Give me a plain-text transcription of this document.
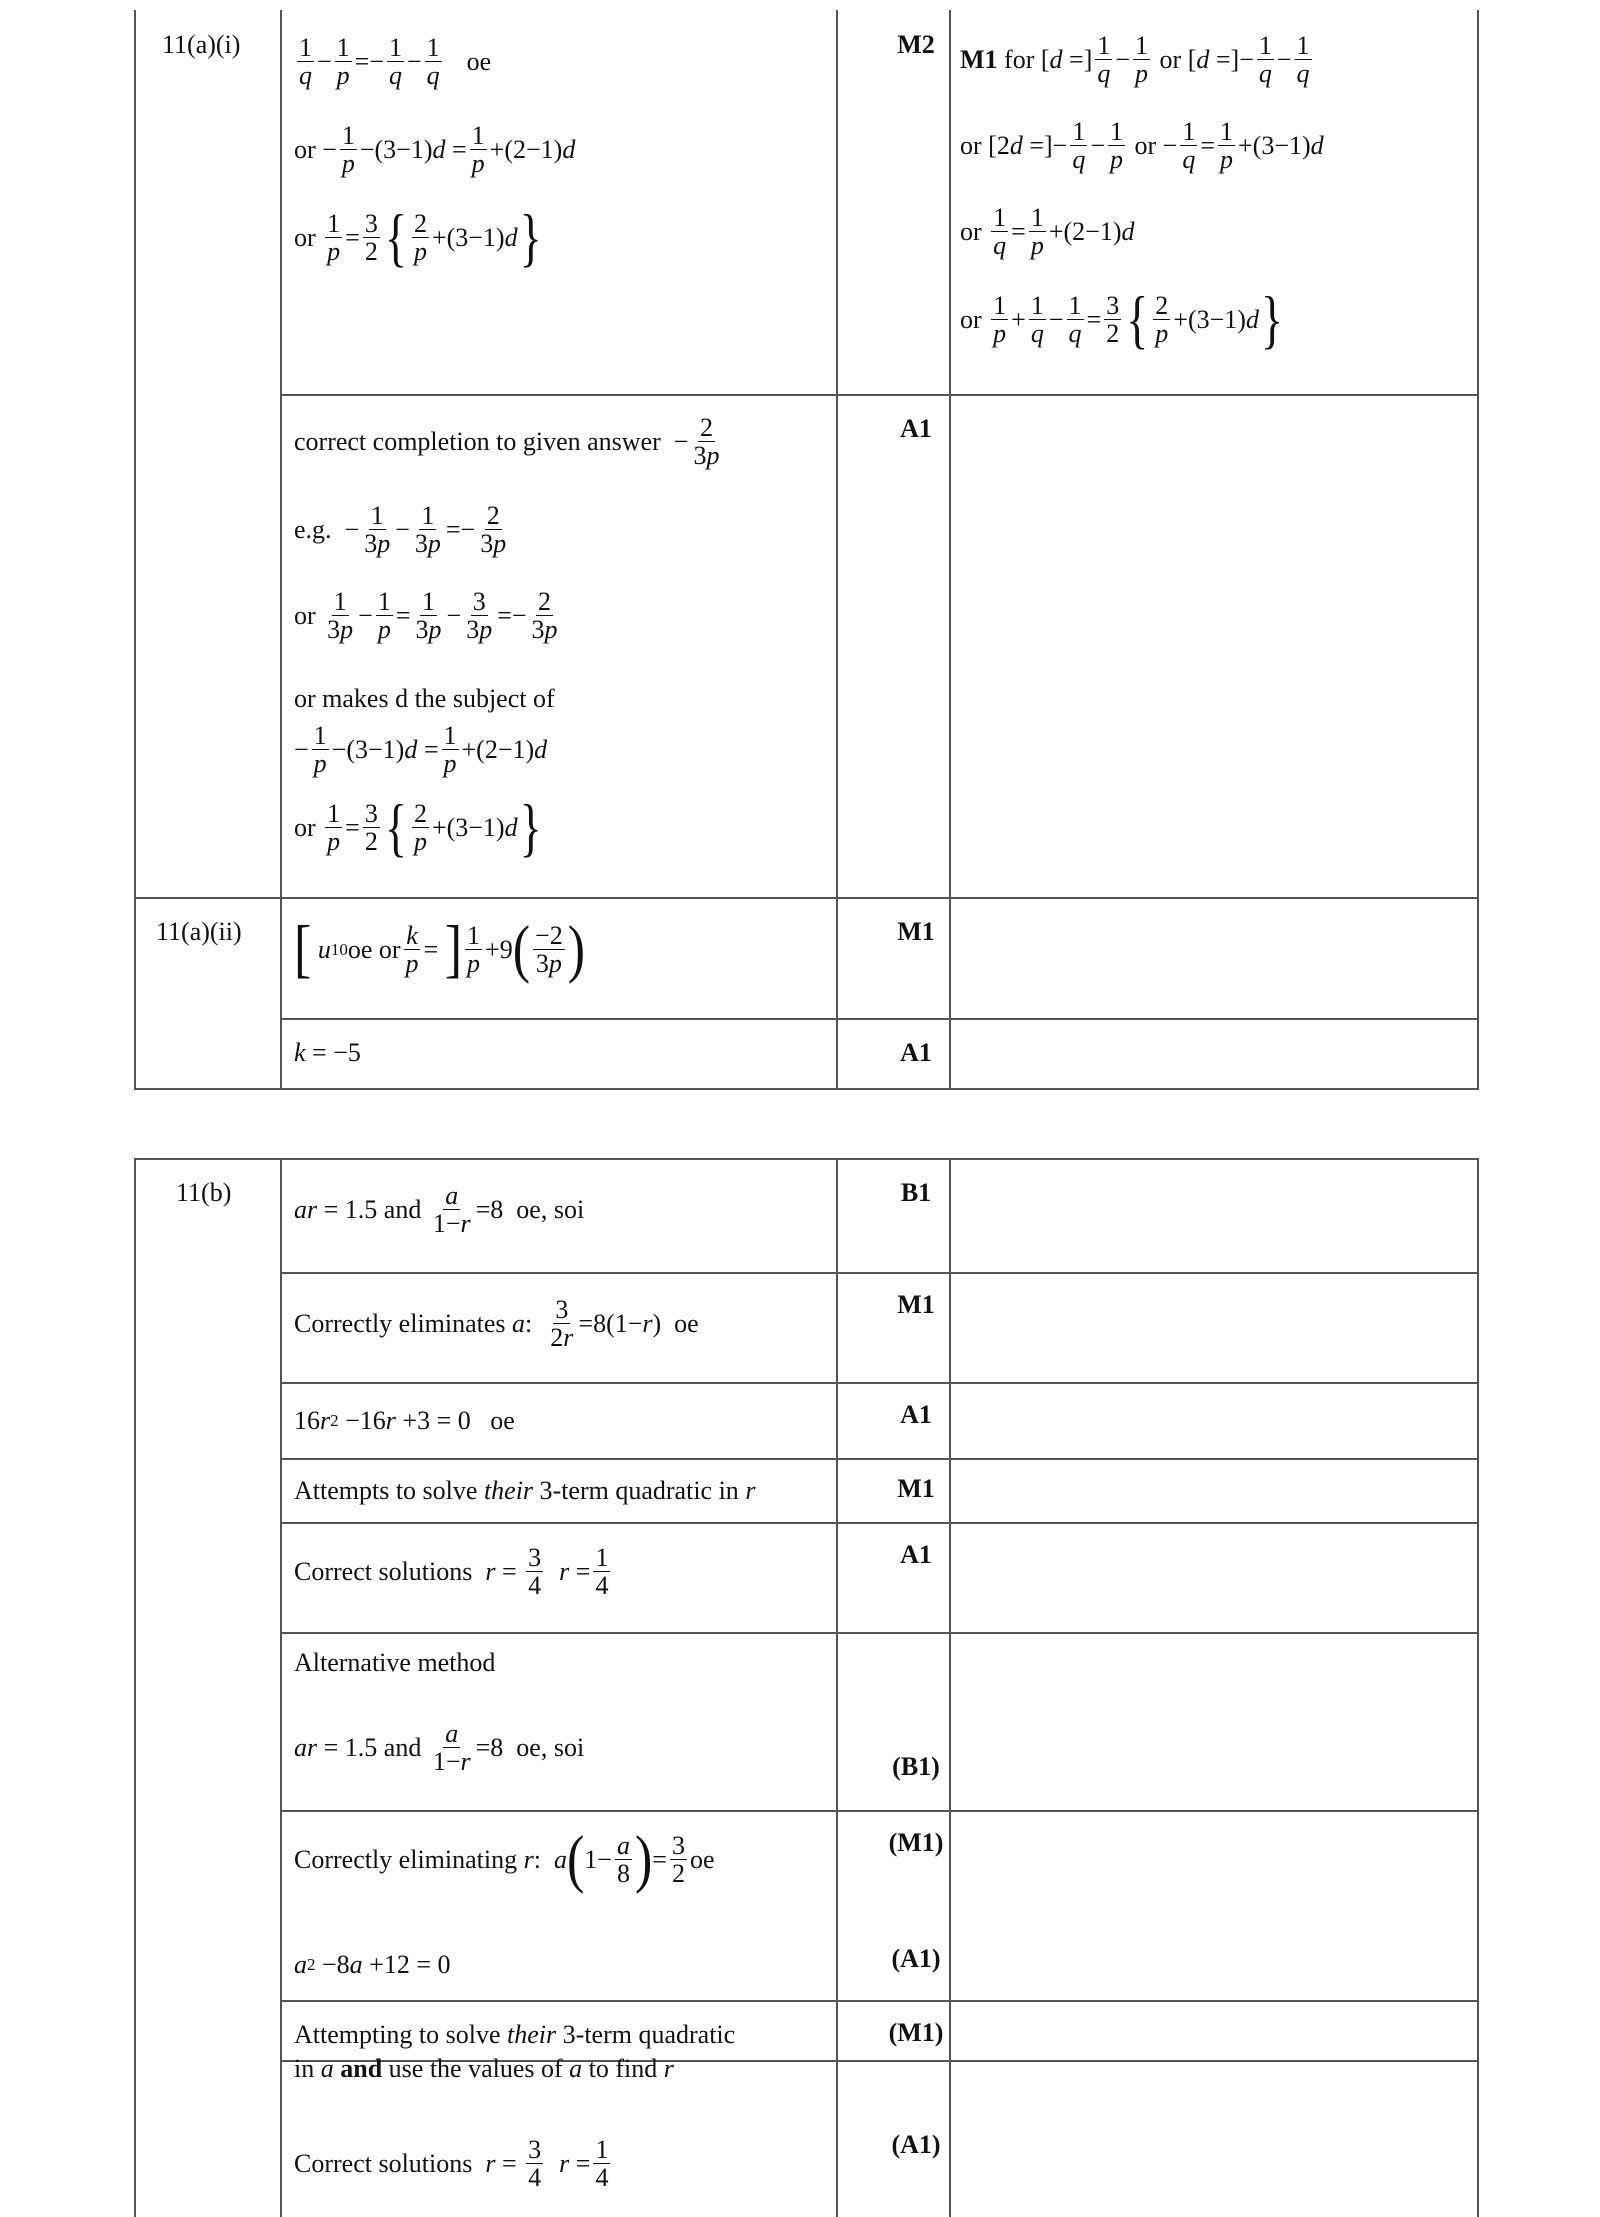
11(a)(i)
11(a)(ii)
M2
A1
M1
A1
1
q − 1
p =− 1
q − 1
q oe
or − 1
p −(3−1) d = 1
p +(2−1) d
or
1
p = 3
2 { 2
p +(3−1) d }
M1
for [ d =] 1
q − 1
p
or [ d =]− 1
q − 1
q
or [2 d =]− 1
q − 1
p
or − 1
q = 1
p +(3−1) d
or
1
q = 1
p +(2−1) d
or
1
p + 1
q − 1
q = 3
2 { 2
p +(3−1) d }
correct completion to given answer − 2
3p
e.g. − 1
3p − 1
3p =− 2
3p
or
1
3p − 1
p = 1
3p − 3
3p =− 2
3p
or makes d the subject of
− 1
p −(3−1) d = 1
p +(2−1) d
or
1
p = 3
2 { 2
p +(3−1) d }
[
u 10 oe or k
p = ] 1
p +9 ( −2
3p )
k = −5
11(b)	B1
M1
A1
M1
A1
(B1)
(M1)
(A1)
(M1)
(A1)
ar = 1.5 and a
1−r =8  oe, soi
Correctly eliminates a : 3
2r =8(1− r )  oe
16 r 2 −16 r +3 = 0   oe
Attempts to solve their 3-term quadratic in r
Correct solutions r = 3
4
r = 1
4
Alternative method
ar = 1.5 and a
1−r =8  oe, soi
Correctly eliminating r : a ( 1− a
8 ) = 3
2 oe
a 2 −8 a +12 = 0
Attempting to solve their 3-term quadratic
in a
and use the values of a to find r
Correct solutions r = 3
4
r = 1
4
